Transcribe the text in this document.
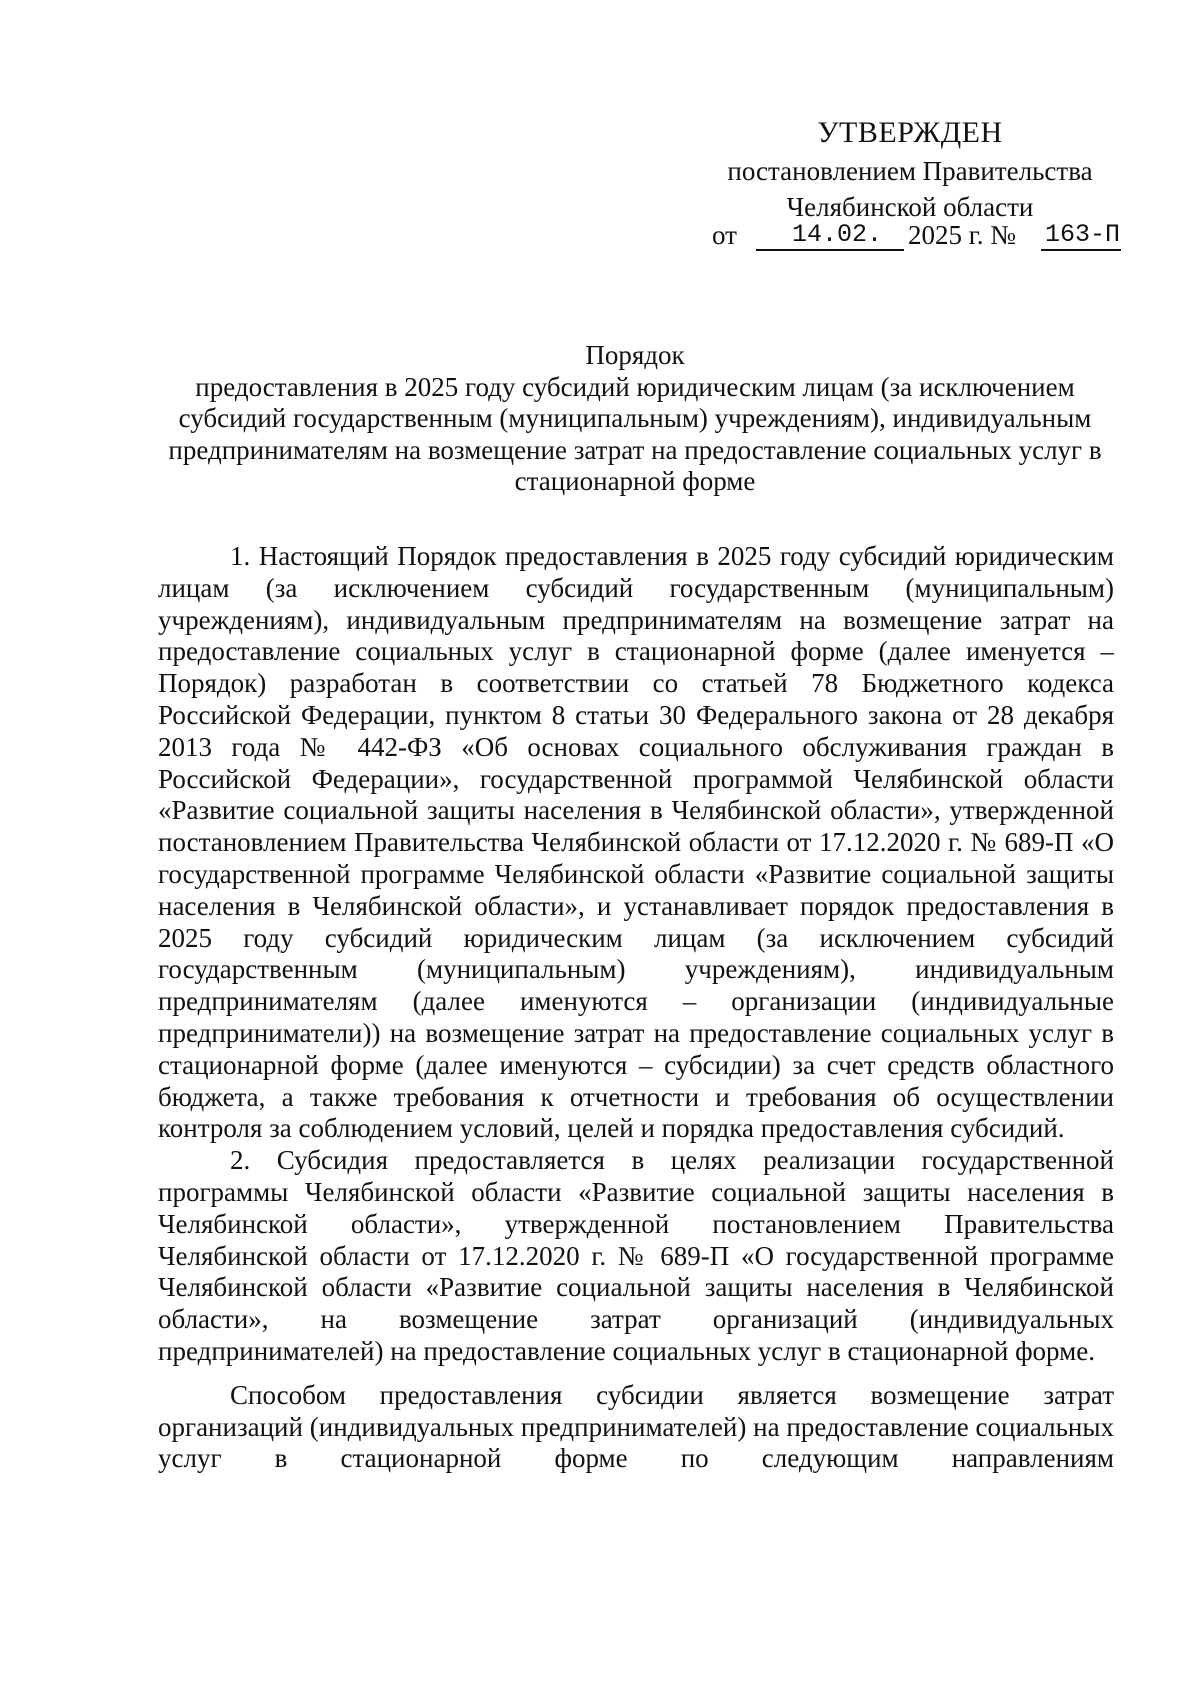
УТВЕРЖДЕН
постановлением Правительства
Челябинской области
от 14.02. 2025 г. № 163-П
Порядок
предоставления в 2025 году субсидий юридическим лицам (за исключением субсидий государственным (муниципальным) учреждениям), индивидуальным предпринимателям на возмещение затрат на предоставление социальных услуг в стационарной форме

1. Настоящий Порядок предоставления в 2025 году субсидий юридическим лицам (за исключением субсидий государственным (муниципальным) учреждениям), индивидуальным предпринимателям на возмещение затрат на предоставление социальных услуг в стационарной форме (далее именуется – Порядок) разработан в соответствии со статьей 78 Бюджетного кодекса Российской Федерации, пунктом 8 статьи 30 Федерального закона от 28 декабря 2013 года № 442-ФЗ «Об основах социального обслуживания граждан в Российской Федерации», государственной программой Челябинской области «Развитие социальной защиты населения в Челябинской области», утвержденной постановлением Правительства Челябинской области от 17.12.2020 г. № 689-П «О государственной программе Челябинской области «Развитие социальной защиты населения в Челябинской области», и устанавливает порядок предоставления в 2025 году субсидий юридическим лицам (за исключением субсидий государственным (муниципальным) учреждениям), индивидуальным предпринимателям (далее именуются – организации (индивидуальные предприниматели)) на возмещение затрат на предоставление социальных услуг в стационарной форме (далее именуются – субсидии) за счет средств областного бюджета, а также требования к отчетности и требования об осуществлении контроля за соблюдением условий, целей и порядка предоставления субсидий.

2. Субсидия предоставляется в целях реализации государственной программы Челябинской области «Развитие социальной защиты населения в Челябинской области», утвержденной постановлением Правительства Челябинской области от 17.12.2020 г. № 689-П «О государственной программе Челябинской области «Развитие социальной защиты населения в Челябинской области», на возмещение затрат организаций (индивидуальных предпринимателей) на предоставление социальных услуг в стационарной форме.

Способом предоставления субсидии является возмещение затрат организаций (индивидуальных предпринимателей) на предоставление социальных услуг в стационарной форме по следующим направлениям
